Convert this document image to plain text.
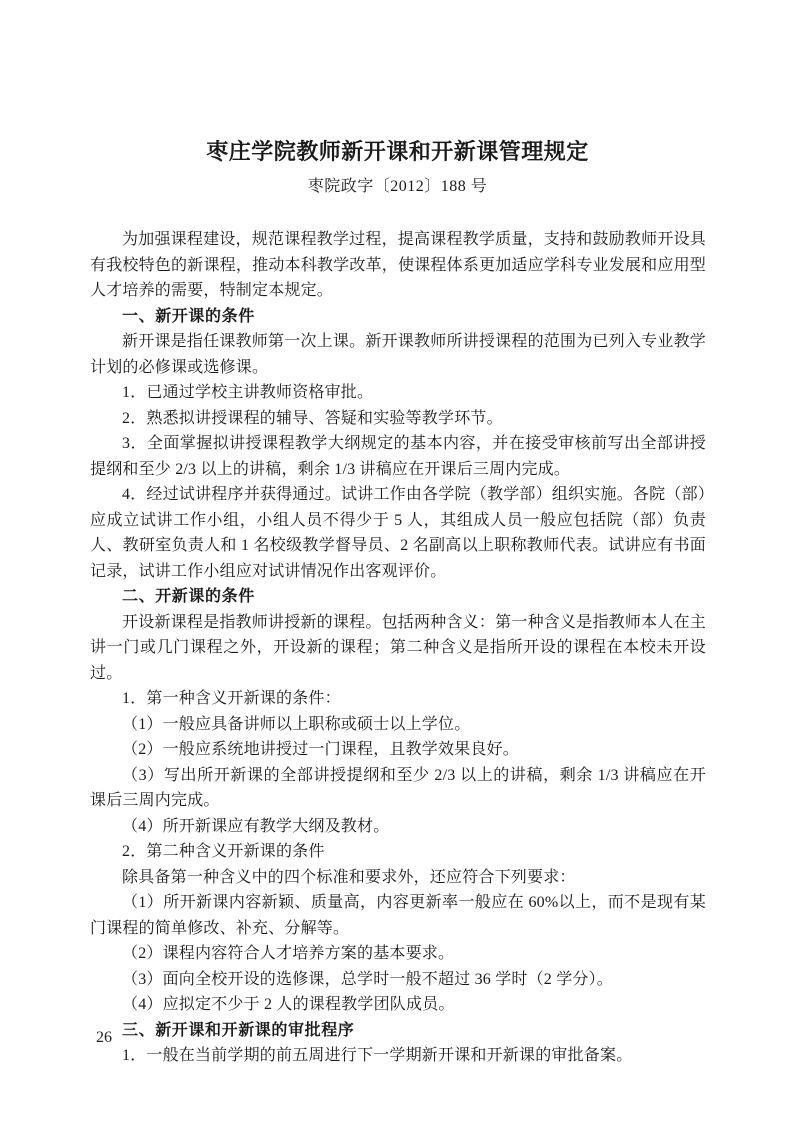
枣庄学院教师新开课和开新课管理规定

枣院政字〔2012〕188 号

为加强课程建设，规范课程教学过程，提高课程教学质量，支持和鼓励教师开设具有我校特色的新课程，推动本科教学改革，使课程体系更加适应学科专业发展和应用型人才培养的需要，特制定本规定。

一、新开课的条件

新开课是指任课教师第一次上课。新开课教师所讲授课程的范围为已列入专业教学计划的必修课或选修课。

1．已通过学校主讲教师资格审批。

2．熟悉拟讲授课程的辅导、答疑和实验等教学环节。

3．全面掌握拟讲授课程教学大纲规定的基本内容，并在接受审核前写出全部讲授提纲和至少 2/3 以上的讲稿，剩余 1/3 讲稿应在开课后三周内完成。

4．经过试讲程序并获得通过。试讲工作由各学院（教学部）组织实施。各院（部）应成立试讲工作小组，小组人员不得少于 5 人，其组成人员一般应包括院（部）负责人、教研室负责人和 1 名校级教学督导员、2 名副高以上职称教师代表。试讲应有书面记录，试讲工作小组应对试讲情况作出客观评价。

二、开新课的条件

开设新课程是指教师讲授新的课程。包括两种含义：第一种含义是指教师本人在主讲一门或几门课程之外，开设新的课程；第二种含义是指所开设的课程在本校未开设过。

1．第一种含义开新课的条件：

（1）一般应具备讲师以上职称或硕士以上学位。

（2）一般应系统地讲授过一门课程，且教学效果良好。

（3）写出所开新课的全部讲授提纲和至少 2/3 以上的讲稿，剩余 1/3 讲稿应在开课后三周内完成。

（4）所开新课应有教学大纲及教材。

2．第二种含义开新课的条件

除具备第一种含义中的四个标准和要求外，还应符合下列要求：

（1）所开新课内容新颖、质量高，内容更新率一般应在 60%以上，而不是现有某门课程的简单修改、补充、分解等。

（2）课程内容符合人才培养方案的基本要求。

（3）面向全校开设的选修课，总学时一般不超过 36 学时（2 学分）。

（4）应拟定不少于 2 人的课程教学团队成员。

三、新开课和开新课的审批程序

1．一般在当前学期的前五周进行下一学期新开课和开新课的审批备案。

26
